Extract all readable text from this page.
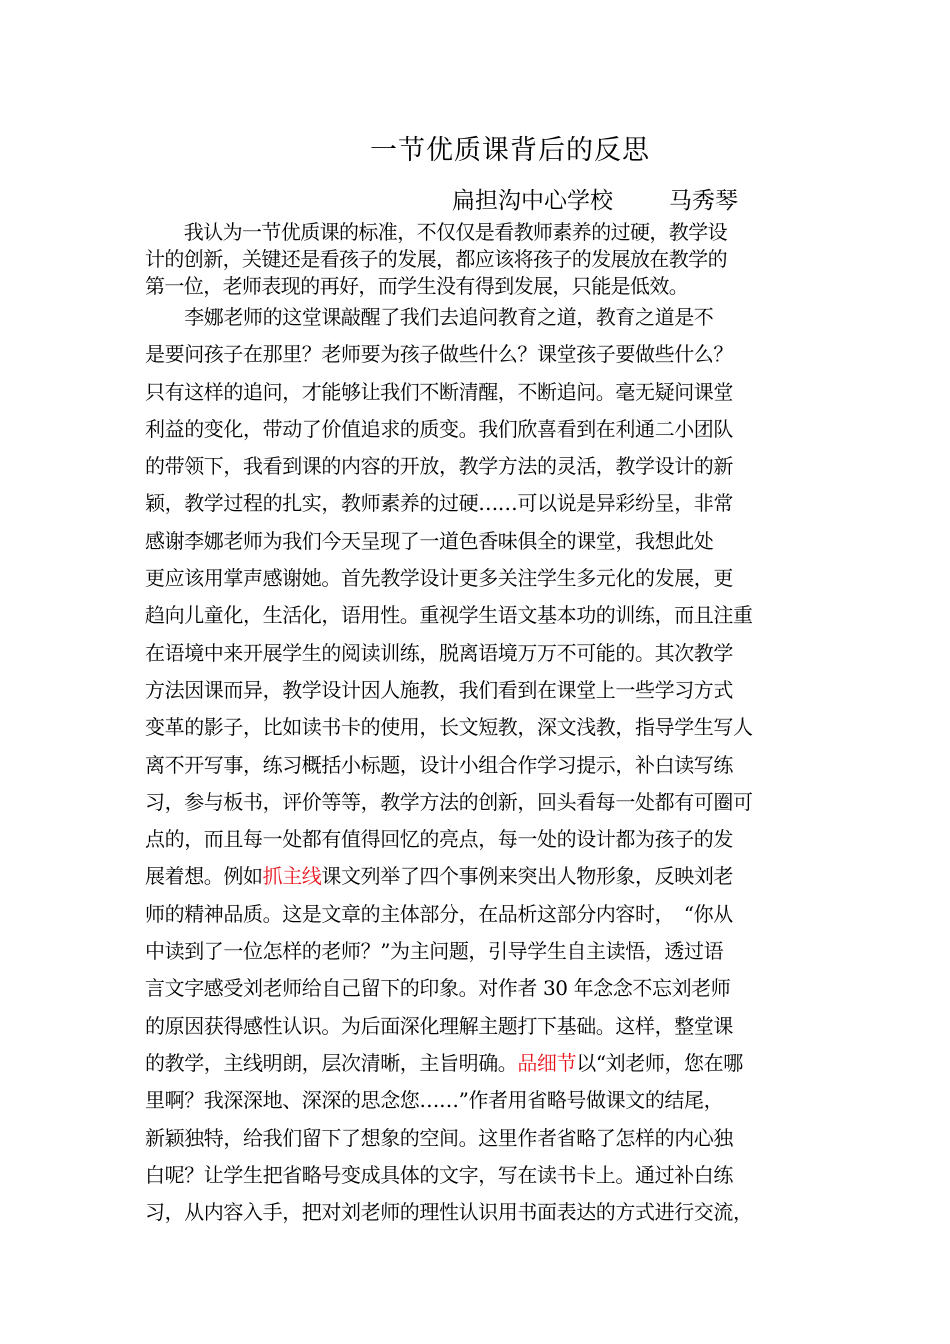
一节优质课背后的反思
扁担沟中心学校 马秀琴
　　我认为一节优质课的标准，不仅仅是看教师素养的过硬，教学设
计的创新，关键还是看孩子的发展，都应该将孩子的发展放在教学的
第一位，老师表现的再好，而学生没有得到发展，只能是低效。
　　李娜老师的这堂课敲醒了我们去追问教育之道，教育之道是不
是要问孩子在那里？老师要为孩子做些什么？课堂孩子要做些什么？
只有这样的追问，才能够让我们不断清醒，不断追问。毫无疑问课堂
利益的变化，带动了价值追求的质变。我们欣喜看到在利通二小团队
的带领下，我看到课的内容的开放，教学方法的灵活，教学设计的新
颖，教学过程的扎实，教师素养的过硬……可以说是异彩纷呈，非常
感谢李娜老师为我们今天呈现了一道色香味俱全的课堂，我想此处
更应该用掌声感谢她。首先教学设计更多关注学生多元化的发展，更
趋向儿童化，生活化，语用性。重视学生语文基本功的训练，而且注重
在语境中来开展学生的阅读训练，脱离语境万万不可能的。其次教学
方法因课而异，教学设计因人施教，我们看到在课堂上一些学习方式
变革的影子，比如读书卡的使用，长文短教，深文浅教，指导学生写人
离不开写事，练习概括小标题，设计小组合作学习提示，补白读写练
习，参与板书，评价等等，教学方法的创新，回头看每一处都有可圈可
点的，而且每一处都有值得回忆的亮点，每一处的设计都为孩子的发
展着想。例如抓主线课文列举了四个事例来突出人物形象，反映刘老
师的精神品质。这是文章的主体部分，在品析这部分内容时，　“你从
中读到了一位怎样的老师？”为主问题，引导学生自主读悟，透过语
言文字感受刘老师给自己留下的印象。对作者 30 年念念不忘刘老师
的原因获得感性认识。为后面深化理解主题打下基础。这样，整堂课
的教学，主线明朗，层次清晰，主旨明确。品细节以“刘老师，您在哪
里啊？我深深地、深深的思念您……”作者用省略号做课文的结尾，
新颖独特，给我们留下了想象的空间。这里作者省略了怎样的内心独
白呢？让学生把省略号变成具体的文字，写在读书卡上。通过补白练
习，从内容入手，把对刘老师的理性认识用书面表达的方式进行交流，
